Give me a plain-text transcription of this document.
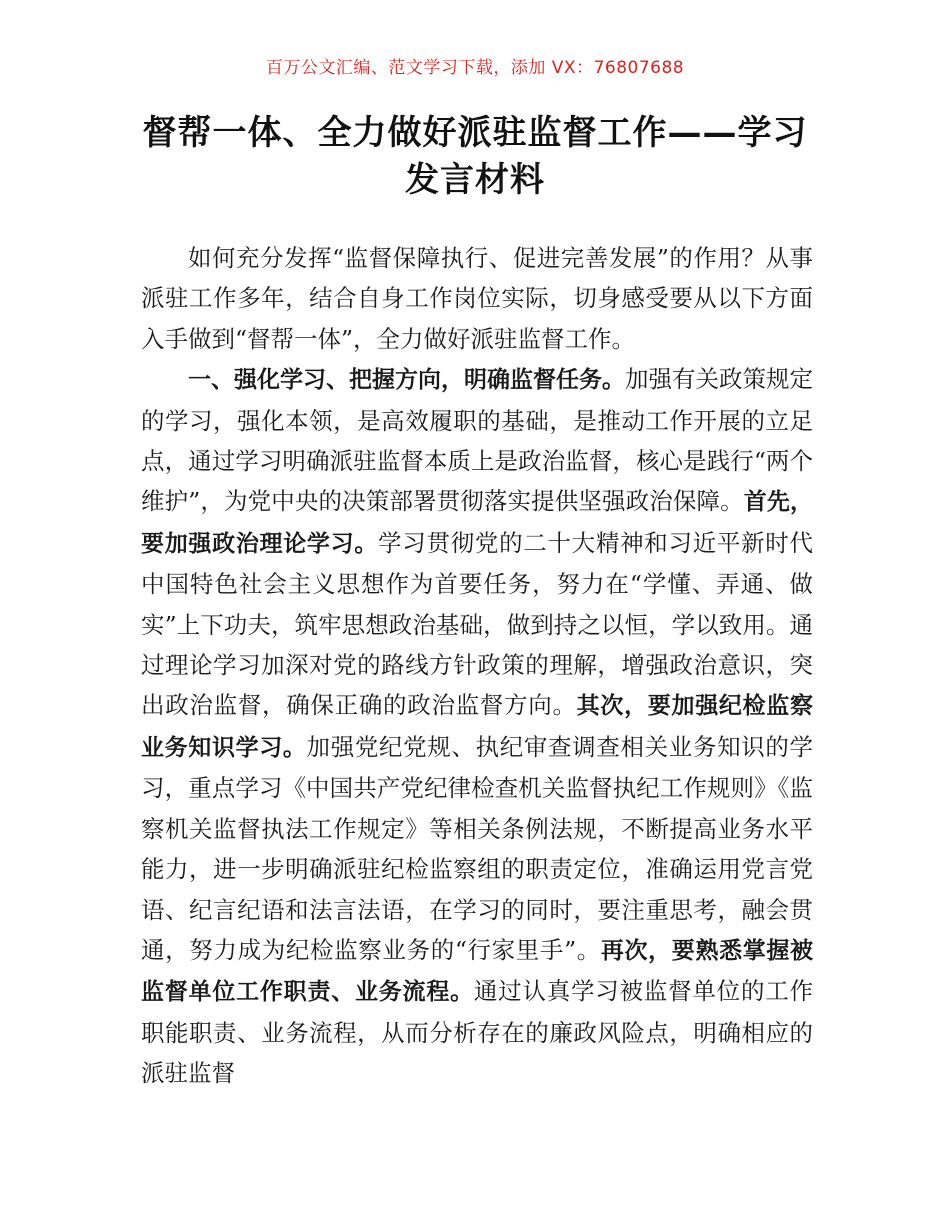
百万公文汇编、范文学习下载，添加 VX：76807688
督帮一体、全力做好派驻监督工作——学习
发言材料

如何充分发挥“监督保障执行、促进完善发展”的作用？从事派驻工作多年，结合自身工作岗位实际，切身感受要从以下方面入手做到“督帮一体”，全力做好派驻监督工作。

一、强化学习、把握方向，明确监督任务。加强有关政策规定的学习，强化本领，是高效履职的基础，是推动工作开展的立足点，通过学习明确派驻监督本质上是政治监督，核心是践行“两个维护”，为党中央的决策部署贯彻落实提供坚强政治保障。首先，要加强政治理论学习。学习贯彻党的二十大精神和习近平新时代中国特色社会主义思想作为首要任务，努力在“学懂、弄通、做实”上下功夫，筑牢思想政治基础，做到持之以恒，学以致用。通过理论学习加深对党的路线方针政策的理解，增强政治意识，突出政治监督，确保正确的政治监督方向。其次，要加强纪检监察业务知识学习。加强党纪党规、执纪审查调查相关业务知识的学习，重点学习《中国共产党纪律检查机关监督执纪工作规则》《监察机关监督执法工作规定》等相关条例法规，不断提高业务水平能力，进一步明确派驻纪检监察组的职责定位，准确运用党言党语、纪言纪语和法言法语，在学习的同时，要注重思考，融会贯通，努力成为纪检监察业务的“行家里手”。再次，要熟悉掌握被监督单位工作职责、业务流程。通过认真学习被监督单位的工作职能职责、业务流程，从而分析存在的廉政风险点，明确相应的派驻监督
